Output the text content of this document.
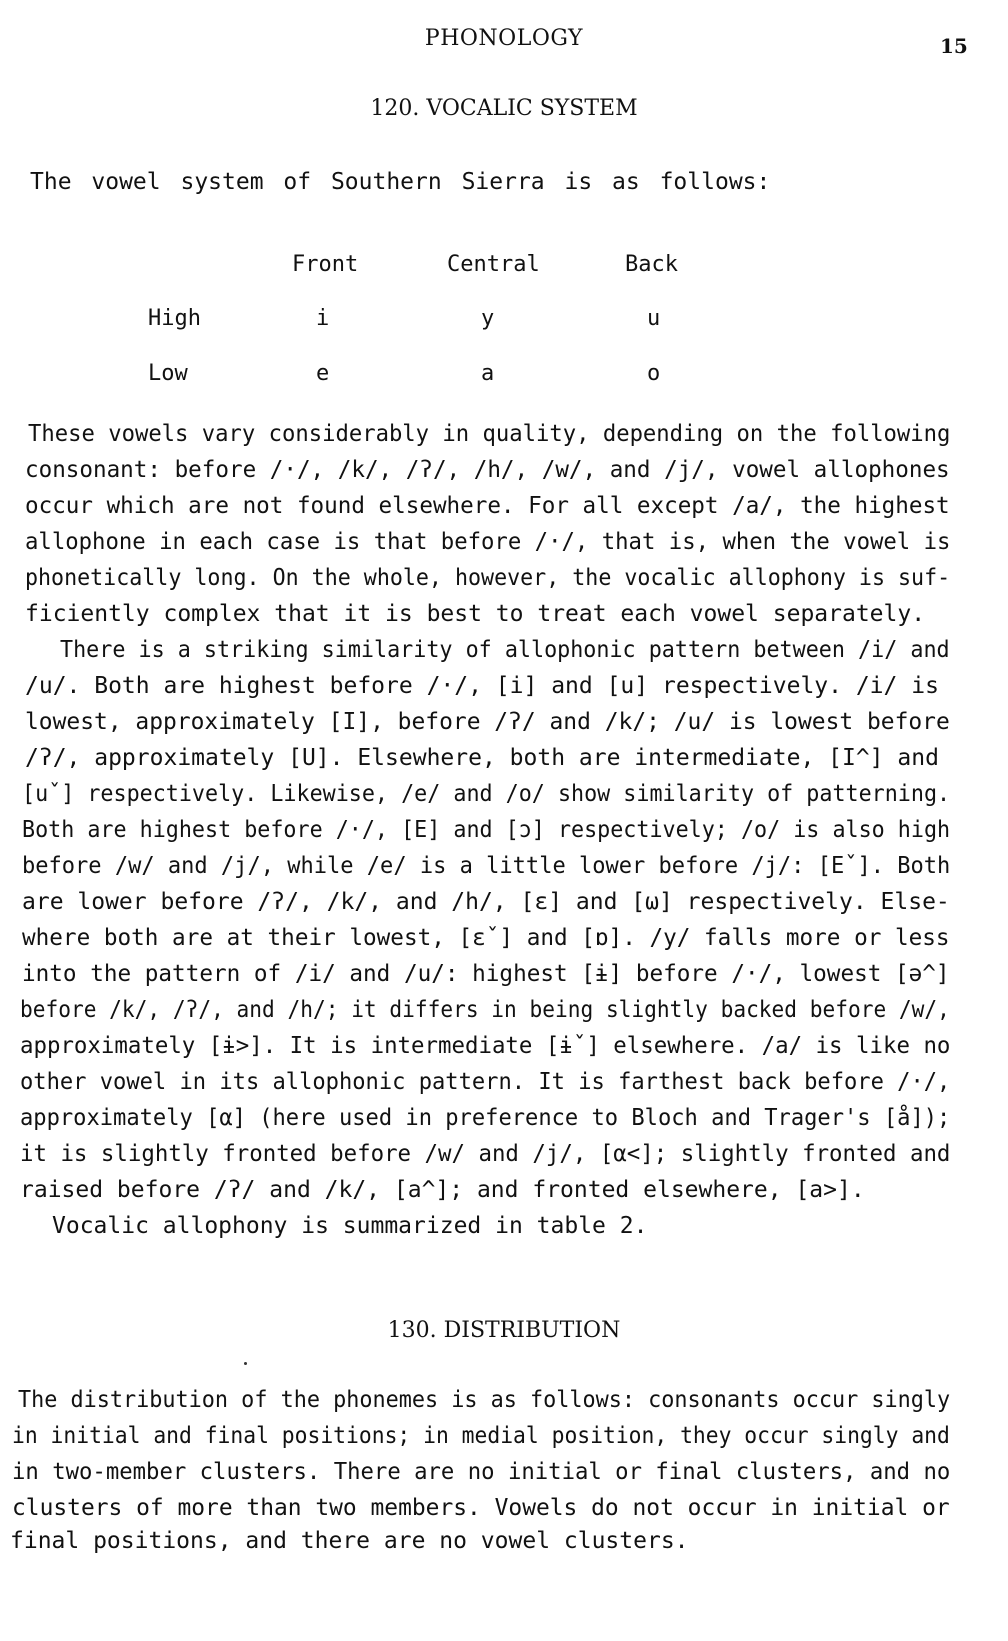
PHONOLOGY	15
120. VOCALIC SYSTEM
The vowel system of Southern Sierra is as follows:
Front	Central	Back
High	i	y	u
Low	e	a	o
These vowels vary considerably in quality, depending on the following
consonant: before /·/, /k/, /ʔ/, /h/, /w/, and /j/, vowel allophones
occur which are not found elsewhere. For all except /a/, the highest
allophone in each case is that before /·/, that is, when the vowel is
phonetically long. On the whole, however, the vocalic allophony is suf-
ficiently complex that it is best to treat each vowel separately.
There is a striking similarity of allophonic pattern between /i/ and
/u/. Both are highest before /·/, [i] and [u] respectively. /i/ is
lowest, approximately [I], before /ʔ/ and /k/; /u/ is lowest before
/ʔ/, approximately [U]. Elsewhere, both are intermediate, [I^] and
[uˇ] respectively. Likewise, /e/ and /o/ show similarity of patterning.
Both are highest before /·/, [E] and [ɔ] respectively; /o/ is also high
before /w/ and /j/, while /e/ is a little lower before /j/: [Eˇ]. Both
are lower before /ʔ/, /k/, and /h/, [ɛ] and [ω] respectively. Else-
where both are at their lowest, [ɛˇ] and [ɒ]. /y/ falls more or less
into the pattern of /i/ and /u/: highest [ɨ] before /·/, lowest [ə^]
before /k/, /ʔ/, and /h/; it differs in being slightly backed before /w/,
approximately [ɨ>]. It is intermediate [ɨˇ] elsewhere. /a/ is like no
other vowel in its allophonic pattern. It is farthest back before /·/,
approximately [α] (here used in preference to Bloch and Trager's [å]);
it is slightly fronted before /w/ and /j/, [α<]; slightly fronted and
raised before /ʔ/ and /k/, [a^]; and fronted elsewhere, [a>].
Vocalic allophony is summarized in table 2.
130. DISTRIBUTION
The distribution of the phonemes is as follows: consonants occur singly
in initial and final positions; in medial position, they occur singly and
in two-member clusters. There are no initial or final clusters, and no
clusters of more than two members. Vowels do not occur in initial or
final positions, and there are no vowel clusters.
